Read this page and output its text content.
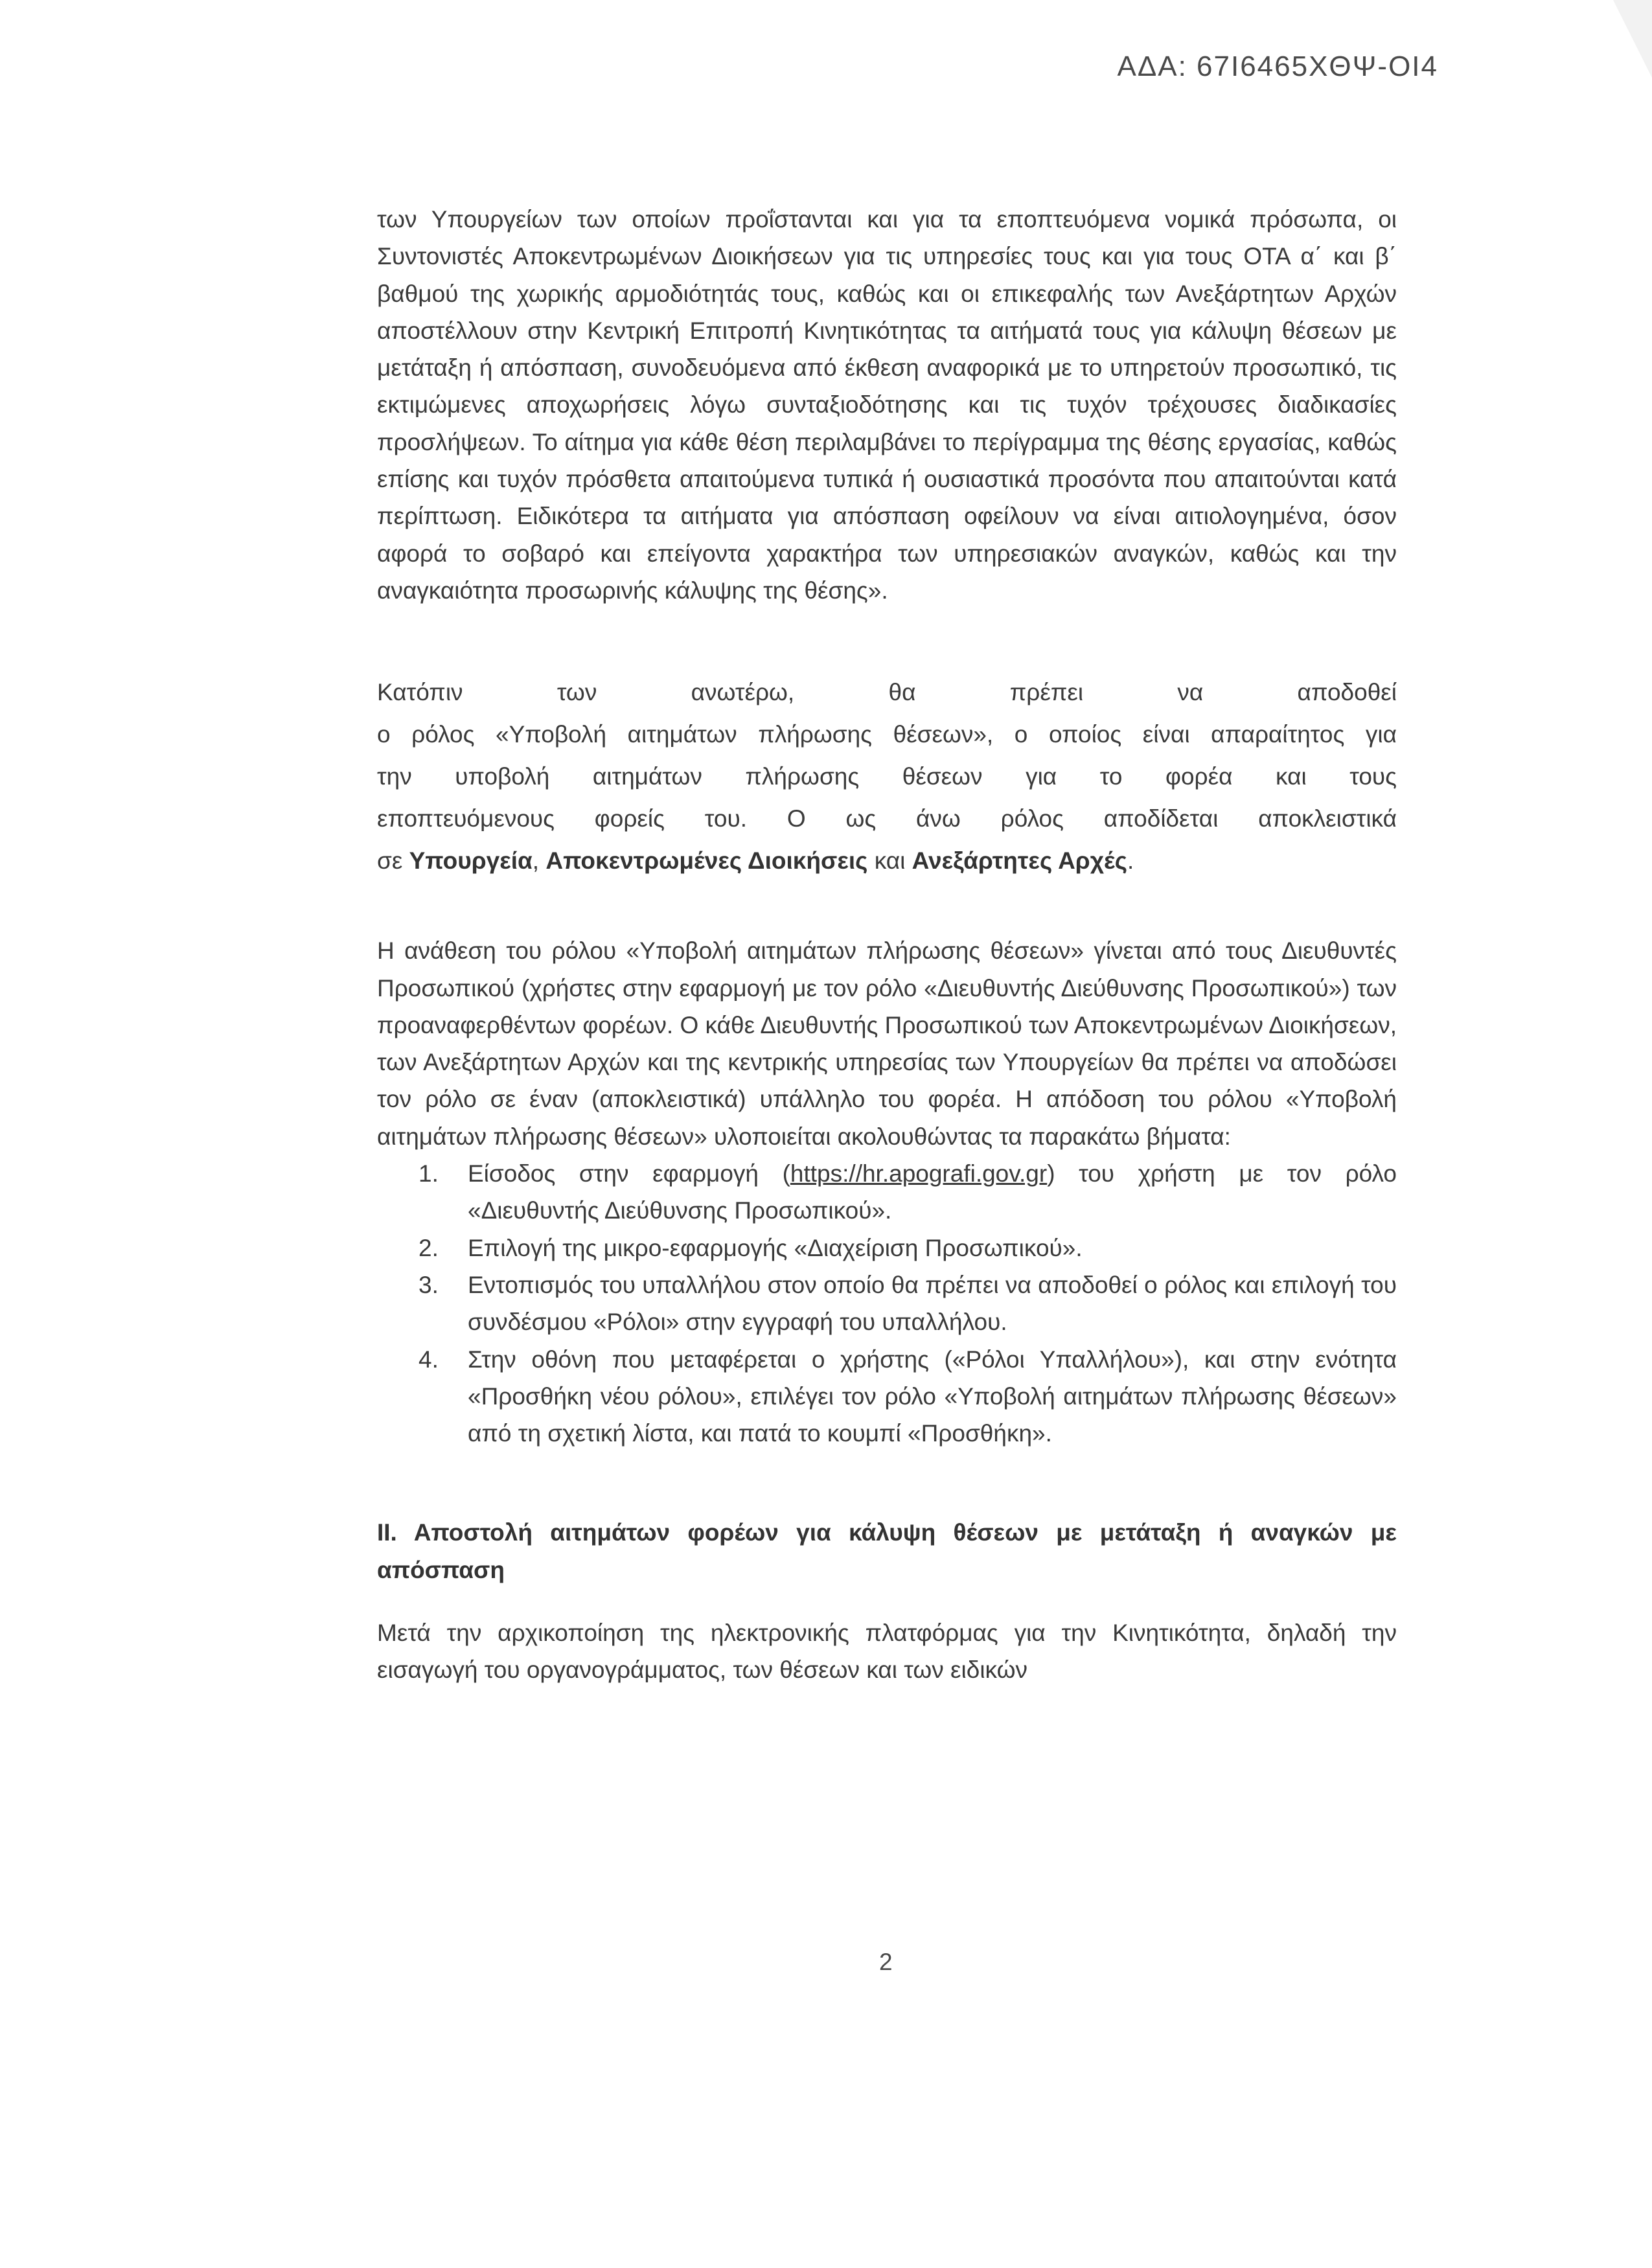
ΑΔΑ: 67Ι6465ΧΘΨ-ΟΙ4

των Υπουργείων των οποίων προΐστανται και για τα εποπτευόμενα νομικά πρόσωπα, οι Συντονιστές Αποκεντρωμένων Διοικήσεων για τις υπηρεσίες τους και για τους ΟΤΑ α΄ και β΄ βαθμού της χωρικής αρμοδιότητάς τους, καθώς και οι επικεφαλής των Ανεξάρτητων Αρχών αποστέλλουν στην Κεντρική Επιτροπή Κινητικότητας τα αιτήματά τους για κάλυψη θέσεων με μετάταξη ή απόσπαση, συνοδευόμενα από έκθεση αναφορικά με το υπηρετούν προσωπικό, τις εκτιμώμενες αποχωρήσεις λόγω συνταξιοδότησης και τις τυχόν τρέχουσες διαδικασίες προσλήψεων. Το αίτημα για κάθε θέση περιλαμβάνει το περίγραμμα της θέσης εργασίας, καθώς επίσης και τυχόν πρόσθετα απαιτούμενα τυπικά ή ουσιαστικά προσόντα που απαιτούνται κατά περίπτωση. Ειδικότερα τα αιτήματα για απόσπαση οφείλουν να είναι αιτιολογημένα, όσον αφορά το σοβαρό και επείγοντα χαρακτήρα των υπηρεσιακών αναγκών, καθώς και την αναγκαιότητα προσωρινής κάλυψης της θέσης».

Κατόπιν των ανωτέρω, θα πρέπει να αποδοθεί

ο ρόλος «Υποβολή αιτημάτων πλήρωσης θέσεων», ο οποίος είναι απαραίτητος για

την υποβολή αιτημάτων πλήρωσης θέσεων για το φορέα και τους

εποπτευόμενους φορείς του. Ο ως άνω ρόλος αποδίδεται αποκλειστικά

σε Υπουργεία, Αποκεντρωμένες Διοικήσεις και Ανεξάρτητες Αρχές.

Η ανάθεση του ρόλου «Υποβολή αιτημάτων πλήρωσης θέσεων» γίνεται από τους Διευθυντές Προσωπικού (χρήστες στην εφαρμογή με τον ρόλο «Διευθυντής Διεύθυνσης Προσωπικού») των προαναφερθέντων φορέων. Ο κάθε Διευθυντής Προσωπικού των Αποκεντρωμένων Διοικήσεων, των Ανεξάρτητων Αρχών και της κεντρικής υπηρεσίας των Υπουργείων θα πρέπει να αποδώσει τον ρόλο σε έναν (αποκλειστικά) υπάλληλο του φορέα. Η απόδοση του ρόλου «Υποβολή αιτημάτων πλήρωσης θέσεων» υλοποιείται ακολουθώντας τα παρακάτω βήματα:

1. Είσοδος στην εφαρμογή (https://hr.apografi.gov.gr) του χρήστη με τον ρόλο «Διευθυντής Διεύθυνσης Προσωπικού».
2. Επιλογή της μικρο-εφαρμογής «Διαχείριση Προσωπικού».
3. Εντοπισμός του υπαλλήλου στον οποίο θα πρέπει να αποδοθεί ο ρόλος και επιλογή του συνδέσμου «Ρόλοι» στην εγγραφή του υπαλλήλου.
4. Στην οθόνη που μεταφέρεται ο χρήστης («Ρόλοι Υπαλλήλου»), και στην ενότητα «Προσθήκη νέου ρόλου», επιλέγει τον ρόλο «Υποβολή αιτημάτων πλήρωσης θέσεων» από τη σχετική λίστα, και πατά το κουμπί «Προσθήκη».

ΙΙ. Αποστολή αιτημάτων φορέων για κάλυψη θέσεων με μετάταξη ή αναγκών με απόσπαση

Μετά την αρχικοποίηση της ηλεκτρονικής πλατφόρμας για την Κινητικότητα, δηλαδή την εισαγωγή του οργανογράμματος, των θέσεων και των ειδικών

2
